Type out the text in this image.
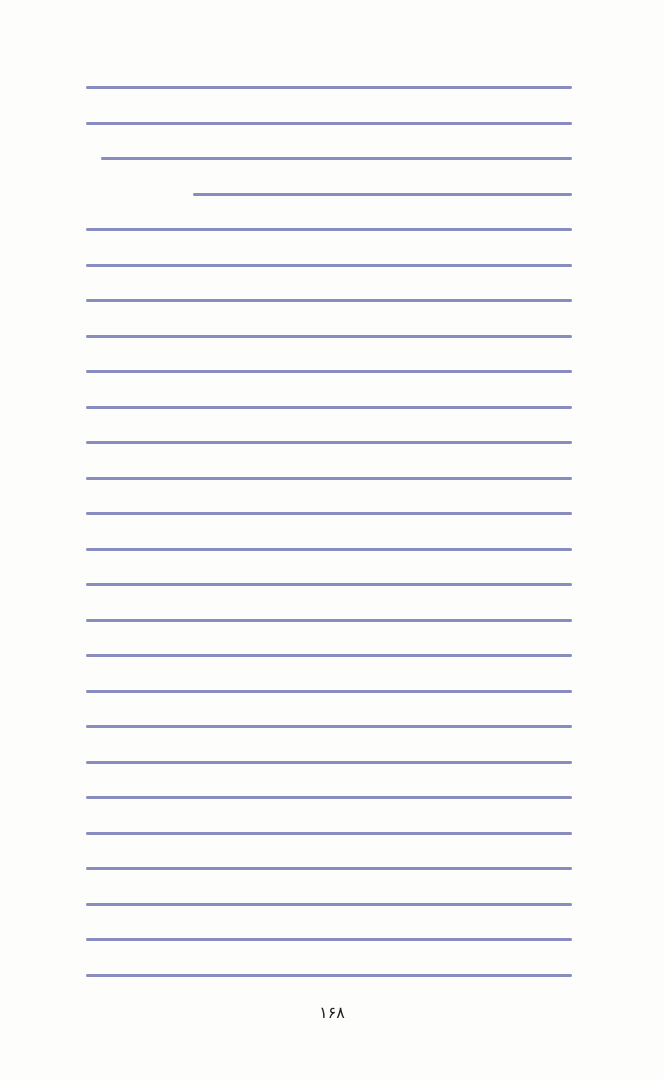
۱۶۸
